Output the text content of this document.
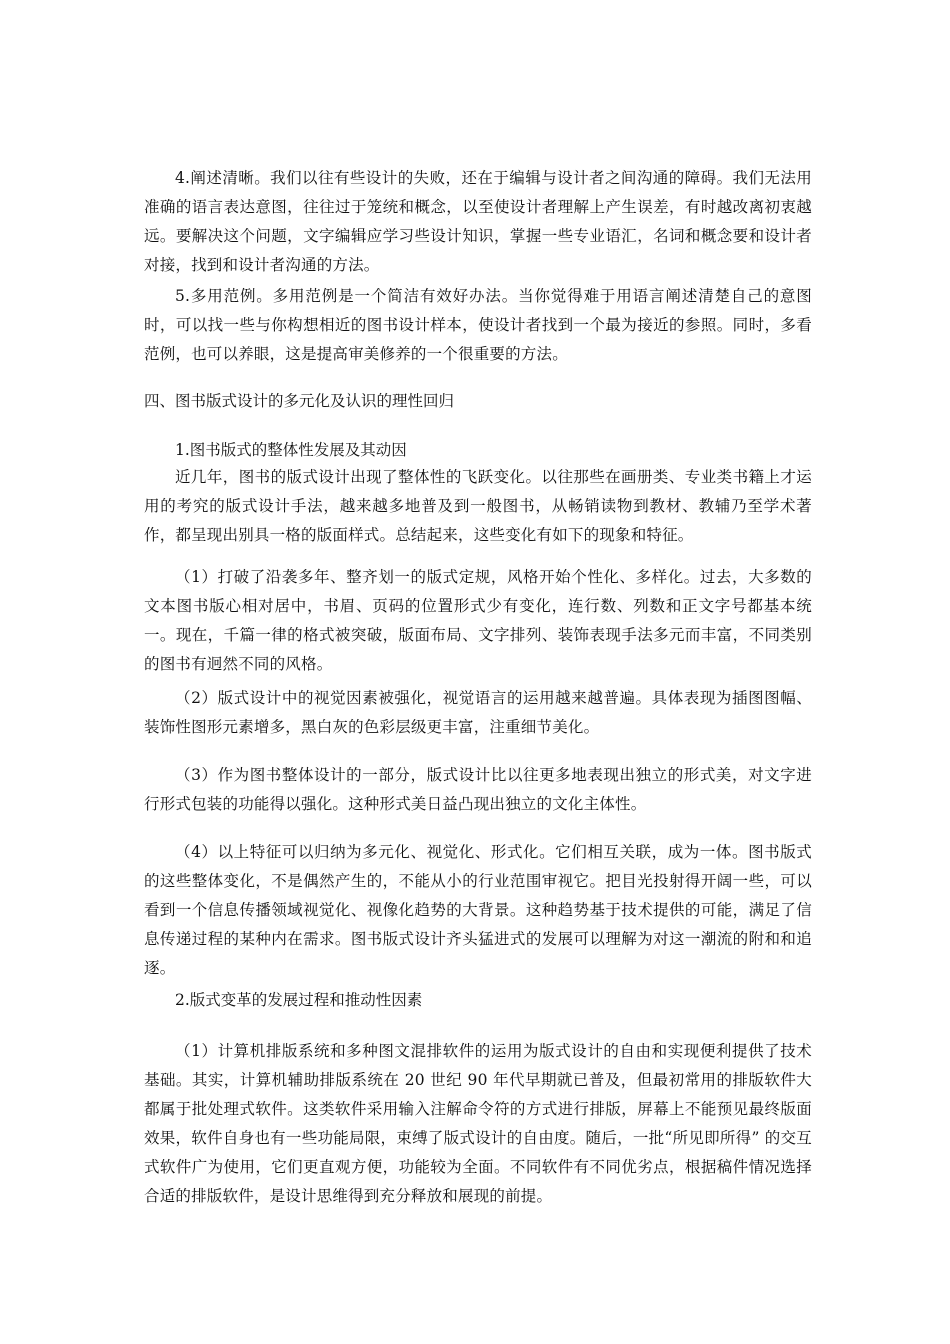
4.阐述清晰。我们以往有些设计的失败，还在于编辑与设计者之间沟通的障碍。我们无法用准确的语言表达意图，往往过于笼统和概念，以至使设计者理解上产生误差，有时越改离初衷越远。要解决这个问题，文字编辑应学习些设计知识，掌握一些专业语汇，名词和概念要和设计者对接，找到和设计者沟通的方法。

5.多用范例。多用范例是一个简洁有效好办法。当你觉得难于用语言阐述清楚自己的意图时，可以找一些与你构想相近的图书设计样本，使设计者找到一个最为接近的参照。同时，多看范例，也可以养眼，这是提高审美修养的一个很重要的方法。

四、图书版式设计的多元化及认识的理性回归

1.图书版式的整体性发展及其动因

近几年，图书的版式设计出现了整体性的飞跃变化。以往那些在画册类、专业类书籍上才运用的考究的版式设计手法，越来越多地普及到一般图书，从畅销读物到教材、教辅乃至学术著作，都呈现出别具一格的版面样式。总结起来，这些变化有如下的现象和特征。

（1）打破了沿袭多年、整齐划一的版式定规，风格开始个性化、多样化。过去，大多数的文本图书版心相对居中，书眉、页码的位置形式少有变化，连行数、列数和正文字号都基本统一。现在，千篇一律的格式被突破，版面布局、文字排列、装饰表现手法多元而丰富，不同类别的图书有迥然不同的风格。

（2）版式设计中的视觉因素被强化，视觉语言的运用越来越普遍。具体表现为插图图幅、装饰性图形元素增多，黑白灰的色彩层级更丰富，注重细节美化。

（3）作为图书整体设计的一部分，版式设计比以往更多地表现出独立的形式美，对文字进行形式包装的功能得以强化。这种形式美日益凸现出独立的文化主体性。

（4）以上特征可以归纳为多元化、视觉化、形式化。它们相互关联，成为一体。图书版式的这些整体变化，不是偶然产生的，不能从小的行业范围审视它。把目光投射得开阔一些，可以看到一个信息传播领域视觉化、视像化趋势的大背景。这种趋势基于技术提供的可能，满足了信息传递过程的某种内在需求。图书版式设计齐头猛进式的发展可以理解为对这一潮流的附和和追逐。

2.版式变革的发展过程和推动性因素

（1）计算机排版系统和多种图文混排软件的运用为版式设计的自由和实现便利提供了技术基础。其实，计算机辅助排版系统在 20 世纪 90 年代早期就已普及，但最初常用的排版软件大都属于批处理式软件。这类软件采用输入注解命令符的方式进行排版，屏幕上不能预见最终版面效果，软件自身也有一些功能局限，束缚了版式设计的自由度。随后，一批“所见即所得” 的交互式软件广为使用，它们更直观方便，功能较为全面。不同软件有不同优劣点，根据稿件情况选择合适的排版软件，是设计思维得到充分释放和展现的前提。
